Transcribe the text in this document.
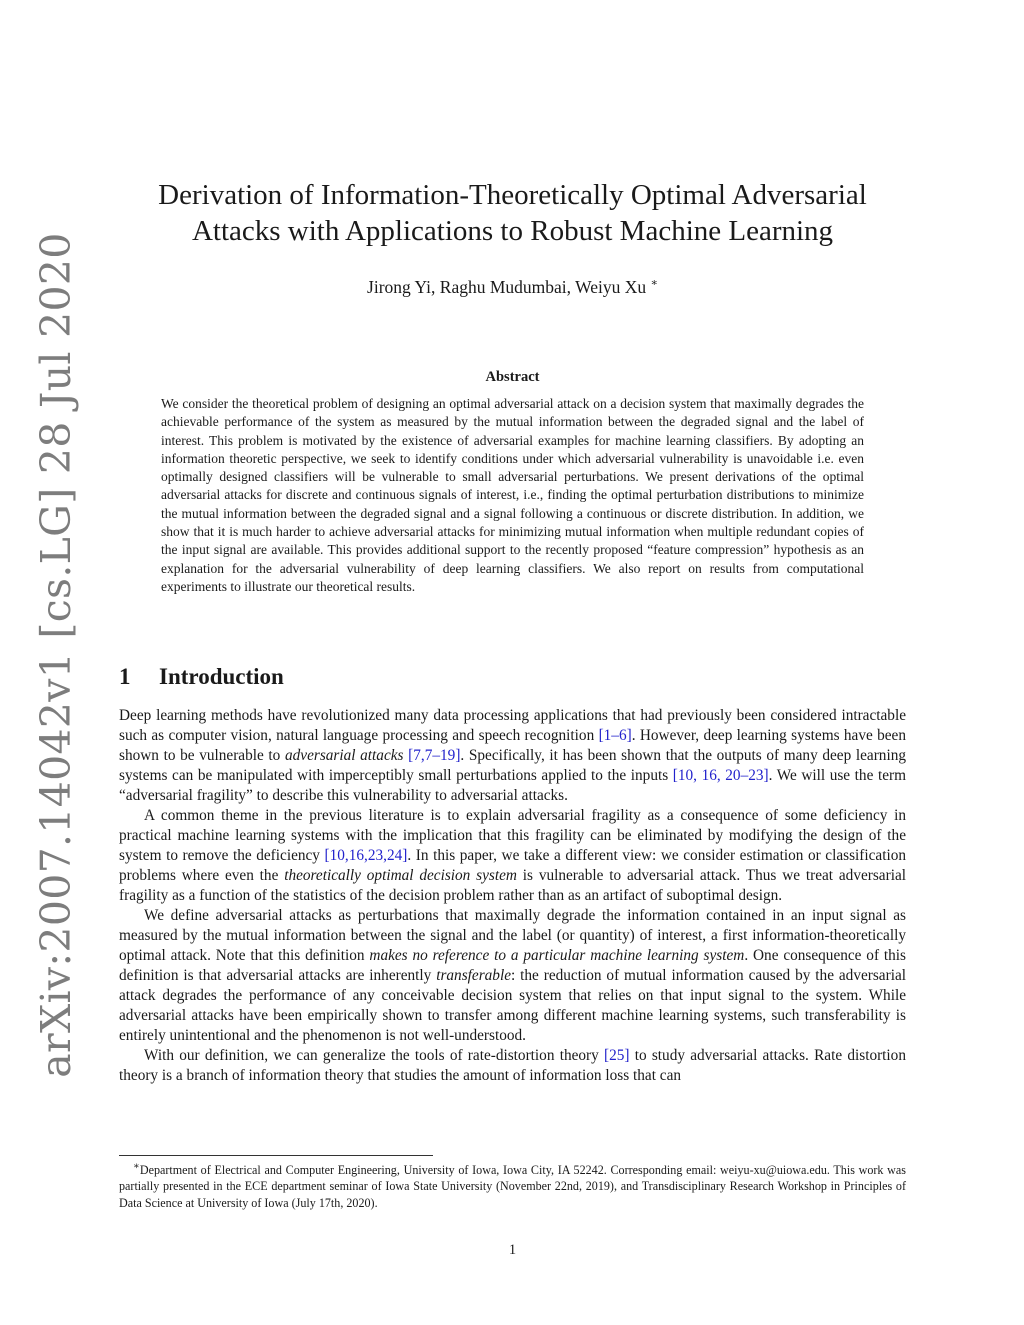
arXiv:2007.14042v1 [cs.LG] 28 Jul 2020
Derivation of Information-Theoretically Optimal Adversarial
Attacks with Applications to Robust Machine Learning
Jirong Yi, Raghu Mudumbai, Weiyu Xu ∗
Abstract

We consider the theoretical problem of designing an optimal adversarial attack on a decision system that maximally degrades the achievable performance of the system as measured by the mutual information between the degraded signal and the label of interest. This problem is motivated by the existence of adversarial examples for machine learning classifiers. By adopting an information theoretic perspective, we seek to identify conditions under which adversarial vulnerability is unavoidable i.e. even optimally designed classifiers will be vulnerable to small adversarial perturbations. We present derivations of the optimal adversarial attacks for discrete and continuous signals of interest, i.e., finding the optimal perturbation distributions to minimize the mutual information between the degraded signal and a signal following a continuous or discrete distribution. In addition, we show that it is much harder to achieve adversarial attacks for minimizing mutual information when multiple redundant copies of the input signal are available. This provides additional support to the recently proposed “feature compression” hypothesis as an explanation for the adversarial vulnerability of deep learning classifiers. We also report on results from computational experiments to illustrate our theoretical results.

1 Introduction

Deep learning methods have revolutionized many data processing applications that had previously been considered intractable such as computer vision, natural language processing and speech recognition [1–6]. However, deep learning systems have been shown to be vulnerable to adversarial attacks [7,7–19]. Specifically, it has been shown that the outputs of many deep learning systems can be manipulated with imperceptibly small perturbations applied to the inputs [10, 16, 20–23]. We will use the term “adversarial fragility” to describe this vulnerability to adversarial attacks.

A common theme in the previous literature is to explain adversarial fragility as a consequence of some deficiency in practical machine learning systems with the implication that this fragility can be eliminated by modifying the design of the system to remove the deficiency [10,16,23,24]. In this paper, we take a different view: we consider estimation or classification problems where even the theoretically optimal decision system is vulnerable to adversarial attack. Thus we treat adversarial fragility as a function of the statistics of the decision problem rather than as an artifact of suboptimal design.

We define adversarial attacks as perturbations that maximally degrade the information contained in an input signal as measured by the mutual information between the signal and the label (or quantity) of interest, a first information-theoretically optimal attack. Note that this definition makes no reference to a particular machine learning system. One consequence of this definition is that adversarial attacks are inherently transferable: the reduction of mutual information caused by the adversarial attack degrades the performance of any conceivable decision system that relies on that input signal to the system. While adversarial attacks have been empirically shown to transfer among different machine learning systems, such transferability is entirely unintentional and the phenomenon is not well-understood.

With our definition, we can generalize the tools of rate-distortion theory [25] to study adversarial attacks. Rate distortion theory is a branch of information theory that studies the amount of information loss that can

∗Department of Electrical and Computer Engineering, University of Iowa, Iowa City, IA 52242. Corresponding email: weiyu-xu@uiowa.edu. This work was partially presented in the ECE department seminar of Iowa State University (November 22nd, 2019), and Transdisciplinary Research Workshop in Principles of Data Science at University of Iowa (July 17th, 2020).

1
